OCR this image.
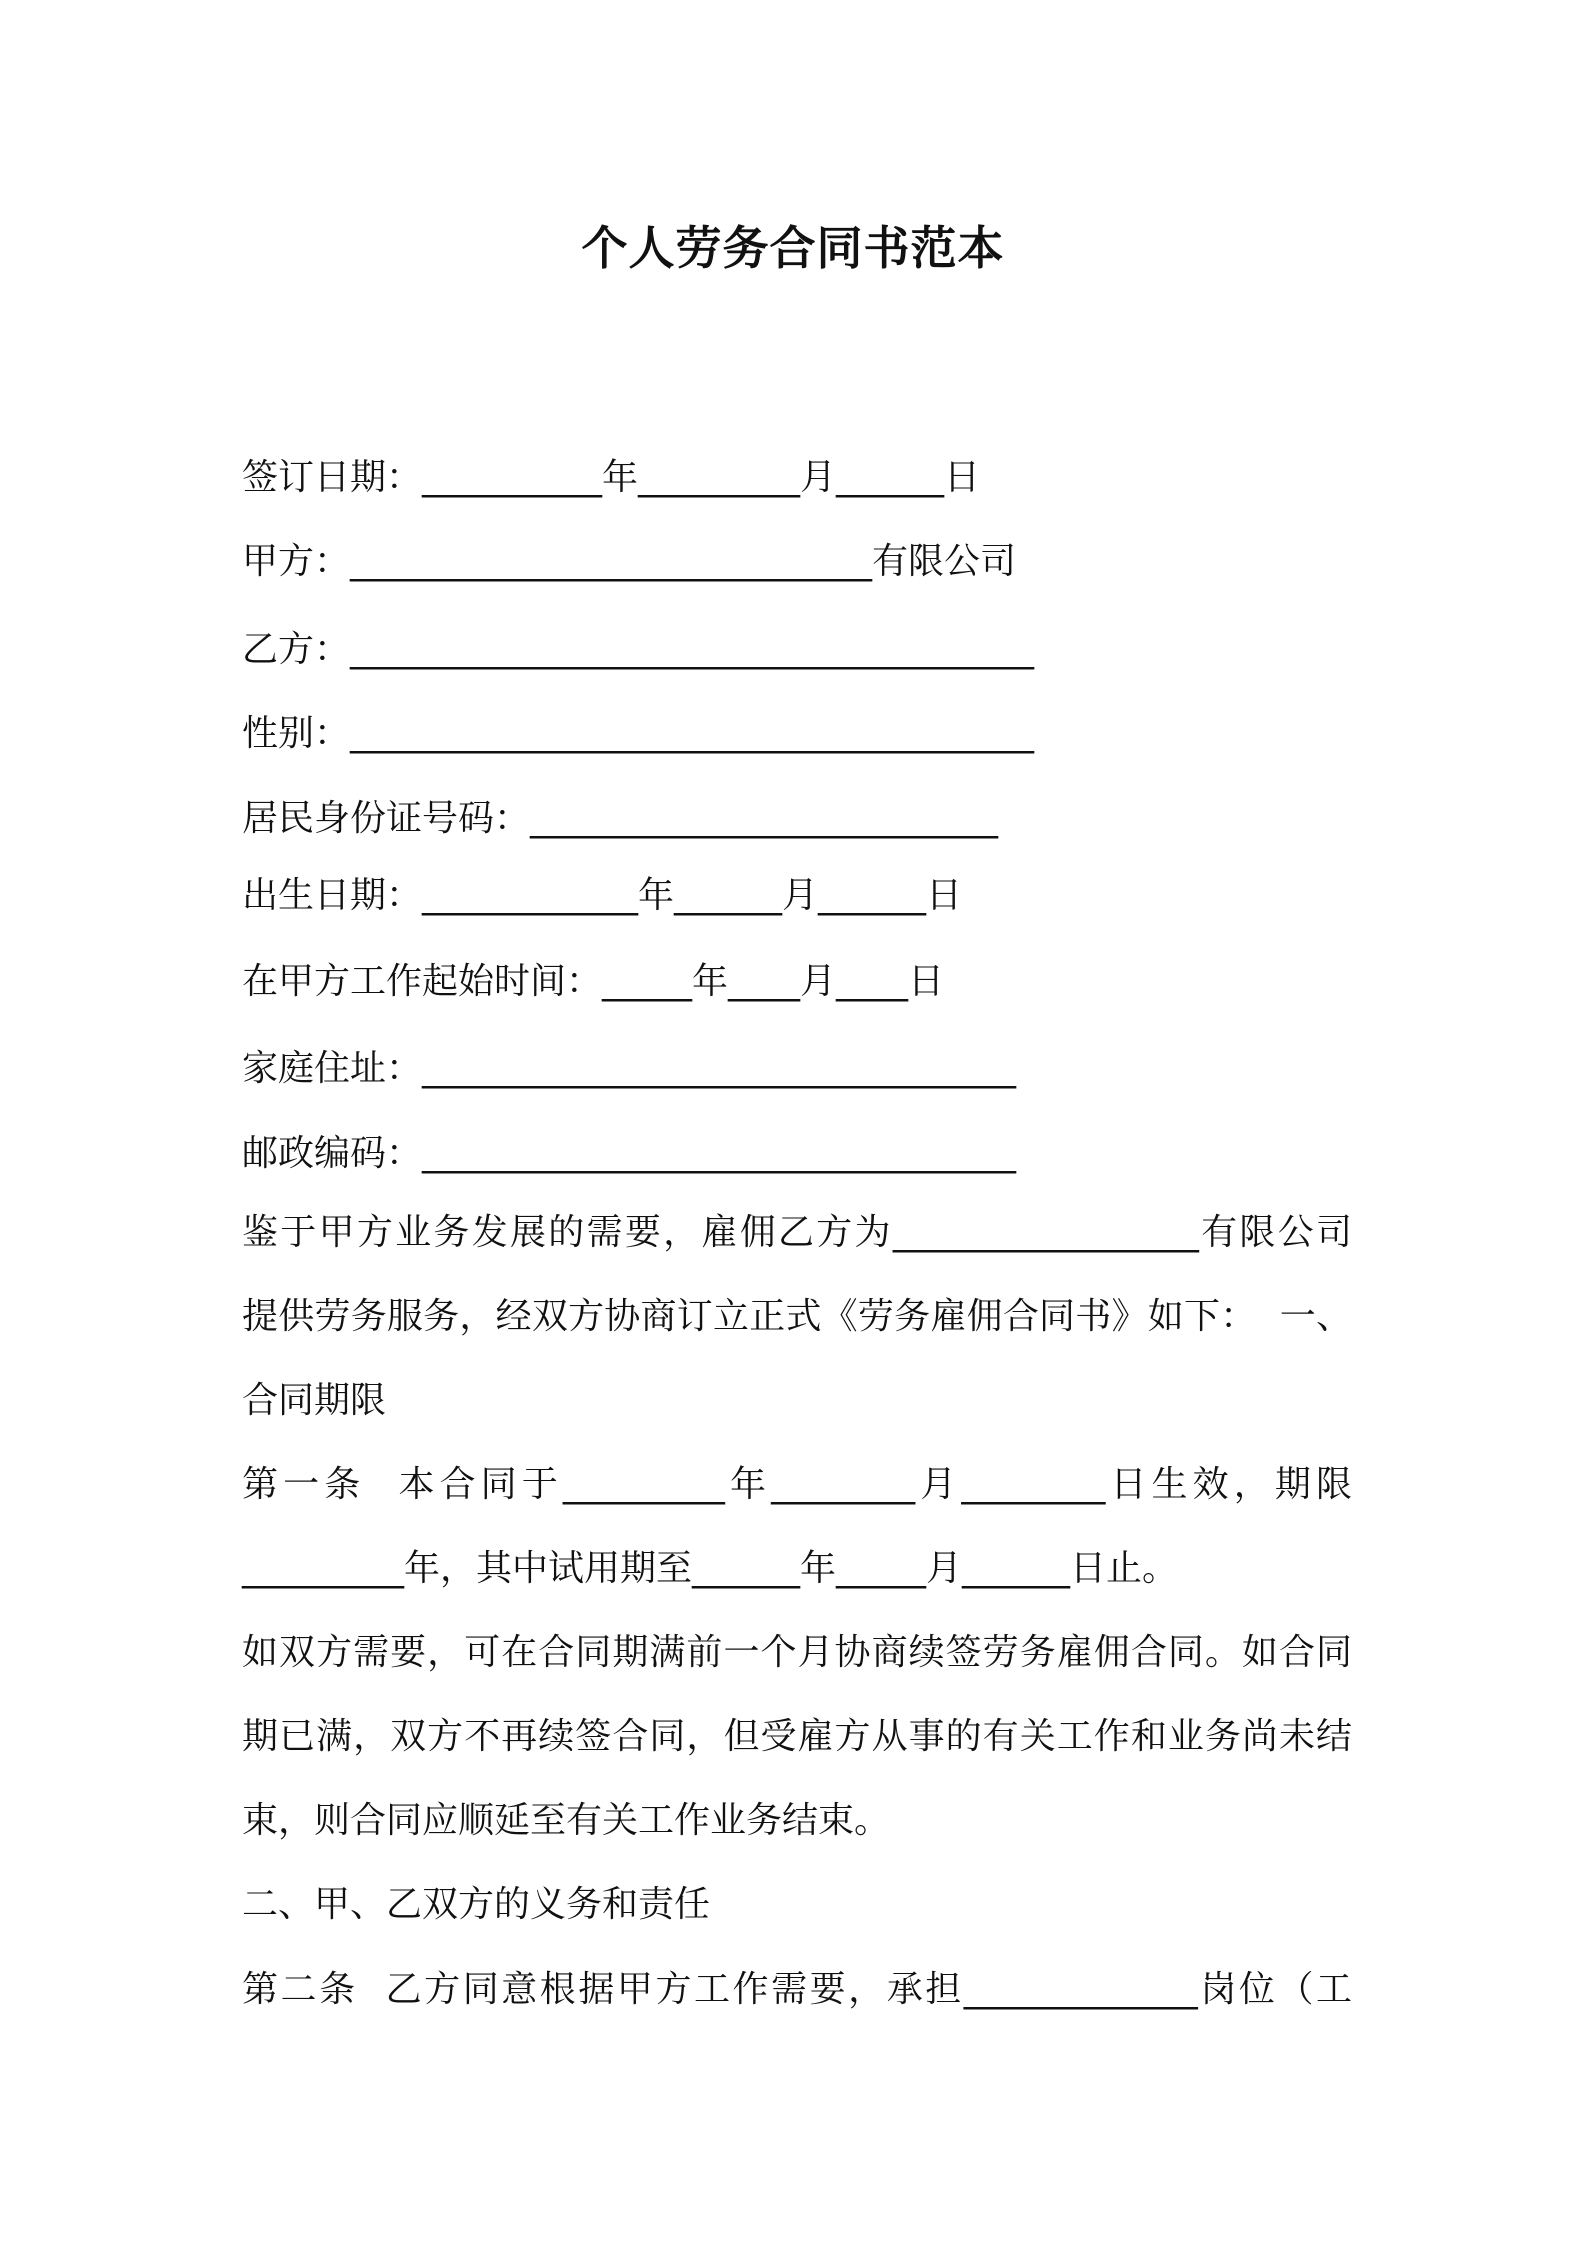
个人劳务合同书范本
签订日期：__________年_________月______日
甲方：_____________________________有限公司
乙方：______________________________________
性别：______________________________________
居民身份证号码：__________________________
出生日期：____________年______月______日
在甲方工作起始时间：_____年____月____日
家庭住址：_________________________________
邮政编码：_________________________________
鉴于甲方业务发展的需要，雇佣乙方为_________________有限公司
提供劳务服务，经双方协商订立正式《劳务雇佣合同书》如下：  一、
合同期限
第一条  本合同于_________年________月________日生效，期限
_________年，其中试用期至______年_____月______日止。
如双方需要，可在合同期满前一个月协商续签劳务雇佣合同。如合同
期已满，双方不再续签合同，但受雇方从事的有关工作和业务尚未结
束，则合同应顺延至有关工作业务结束。
二、甲、乙双方的义务和责任
第二条  乙方同意根据甲方工作需要，承担_____________岗位（工
